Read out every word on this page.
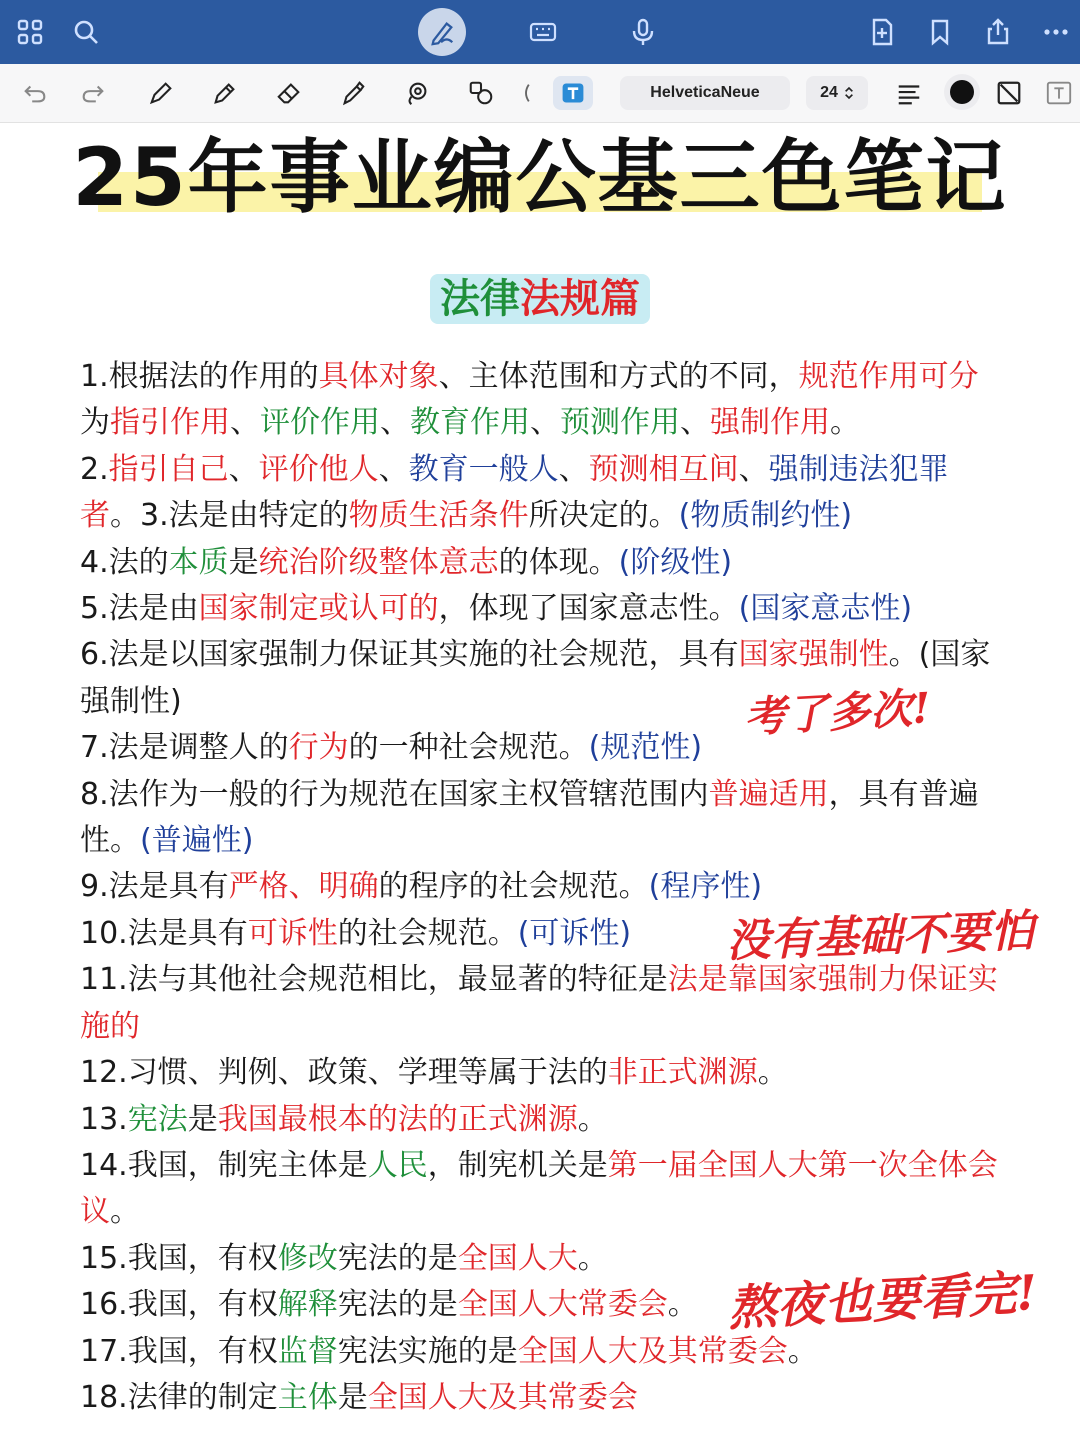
HelveticaNeue	24
25年事业编公基三色笔记
法律法规篇

1.根据法的作用的具体对象、主体范围和方式的不同，规范作用可分

为指引作用、评价作用、教育作用、预测作用、强制作用。

2.指引自己、评价他人、教育一般人、预测相互间、强制违法犯罪

者。3.法是由特定的物质生活条件所决定的。(物质制约性)

4.法的本质是统治阶级整体意志的体现。(阶级性)

5.法是由国家制定或认可的，体现了国家意志性。(国家意志性)

6.法是以国家强制力保证其实施的社会规范，具有国家强制性。(国家

强制性)

7.法是调整人的行为的一种社会规范。(规范性)

8.法作为一般的行为规范在国家主权管辖范围内普遍适用，具有普遍

性。(普遍性)

9.法是具有严格、明确的程序的社会规范。(程序性)

10.法是具有可诉性的社会规范。(可诉性)

11.法与其他社会规范相比，最显著的特征是法是靠国家强制力保证实

施的

12.习惯、判例、政策、学理等属于法的非正式渊源。

13.宪法是我国最根本的法的正式渊源。

14.我国，制宪主体是人民，制宪机关是第一届全国人大第一次全体会

议。

15.我国，有权修改宪法的是全国人大。

16.我国，有权解释宪法的是全国人大常委会。

17.我国，有权监督宪法实施的是全国人大及其常委会。

18.法律的制定主体是全国人大及其常委会

考了多次!
没有基础不要怕
熬夜也要看完!
